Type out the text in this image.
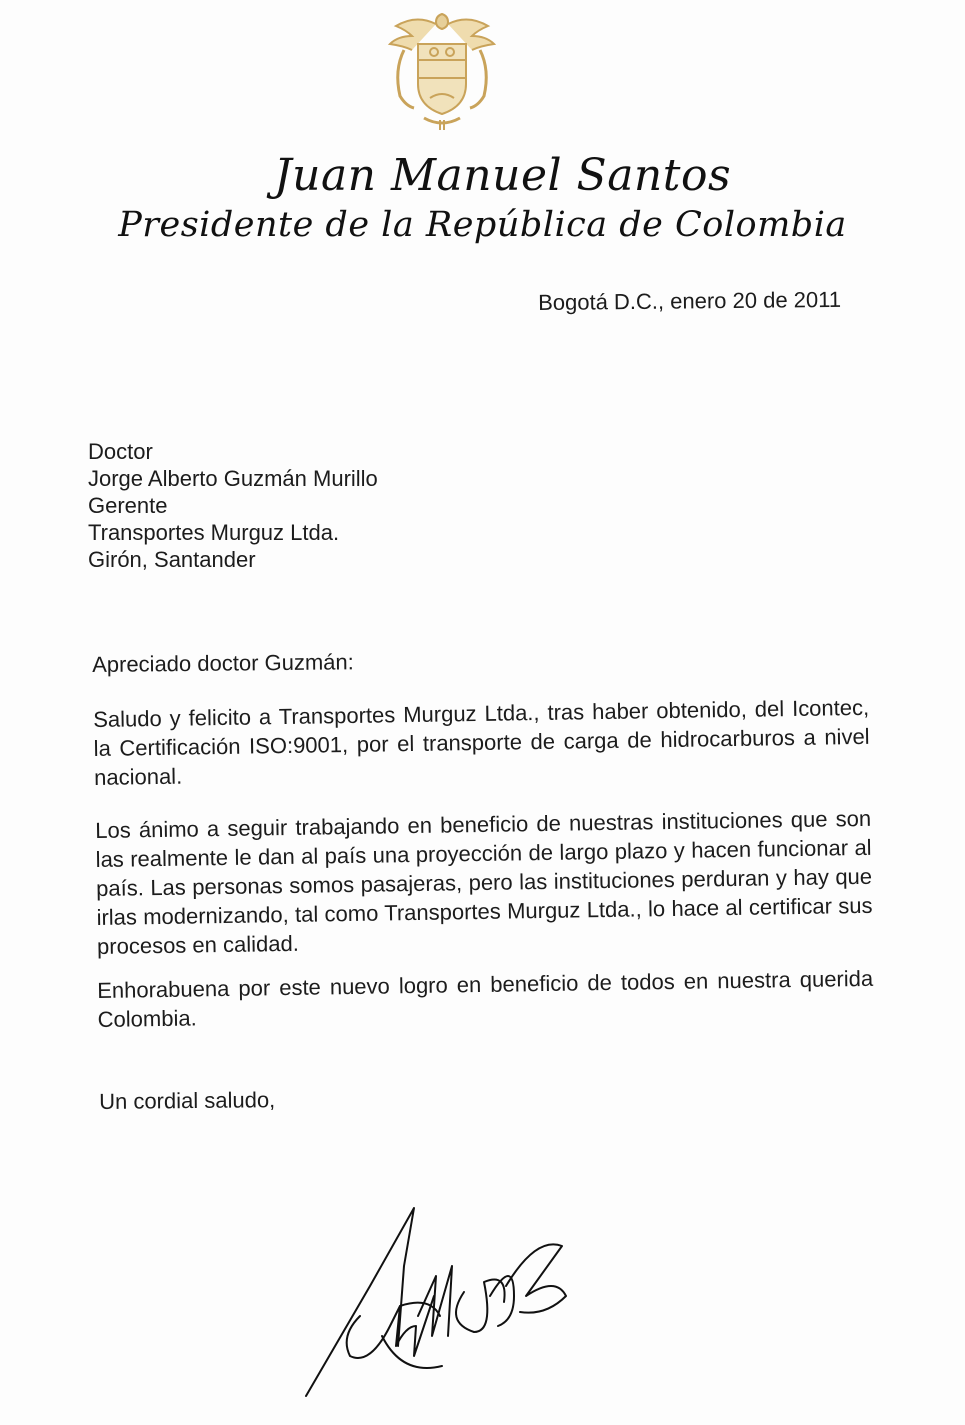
Juan Manuel Santos
Presidente de la República de Colombia
Bogotá D.C., enero 20 de 2011
Doctor
Jorge Alberto Guzmán Murillo
Gerente
Transportes Murguz Ltda.
Girón, Santander
Apreciado doctor Guzmán:
Saludo y felicito a Transportes Murguz Ltda., tras haber obtenido, del Icontec, la Certificación ISO:9001, por el transporte de carga de hidrocarburos a nivel nacional.
Los ánimo a seguir trabajando en beneficio de nuestras instituciones que son las realmente le dan al país una proyección de largo plazo y hacen funcionar al país. Las personas somos pasajeras, pero las instituciones perduran y hay que irlas modernizando, tal como Transportes Murguz Ltda., lo hace al certificar sus procesos en calidad.
Enhorabuena por este nuevo logro en beneficio de todos en nuestra querida Colombia.
Un cordial saludo,
